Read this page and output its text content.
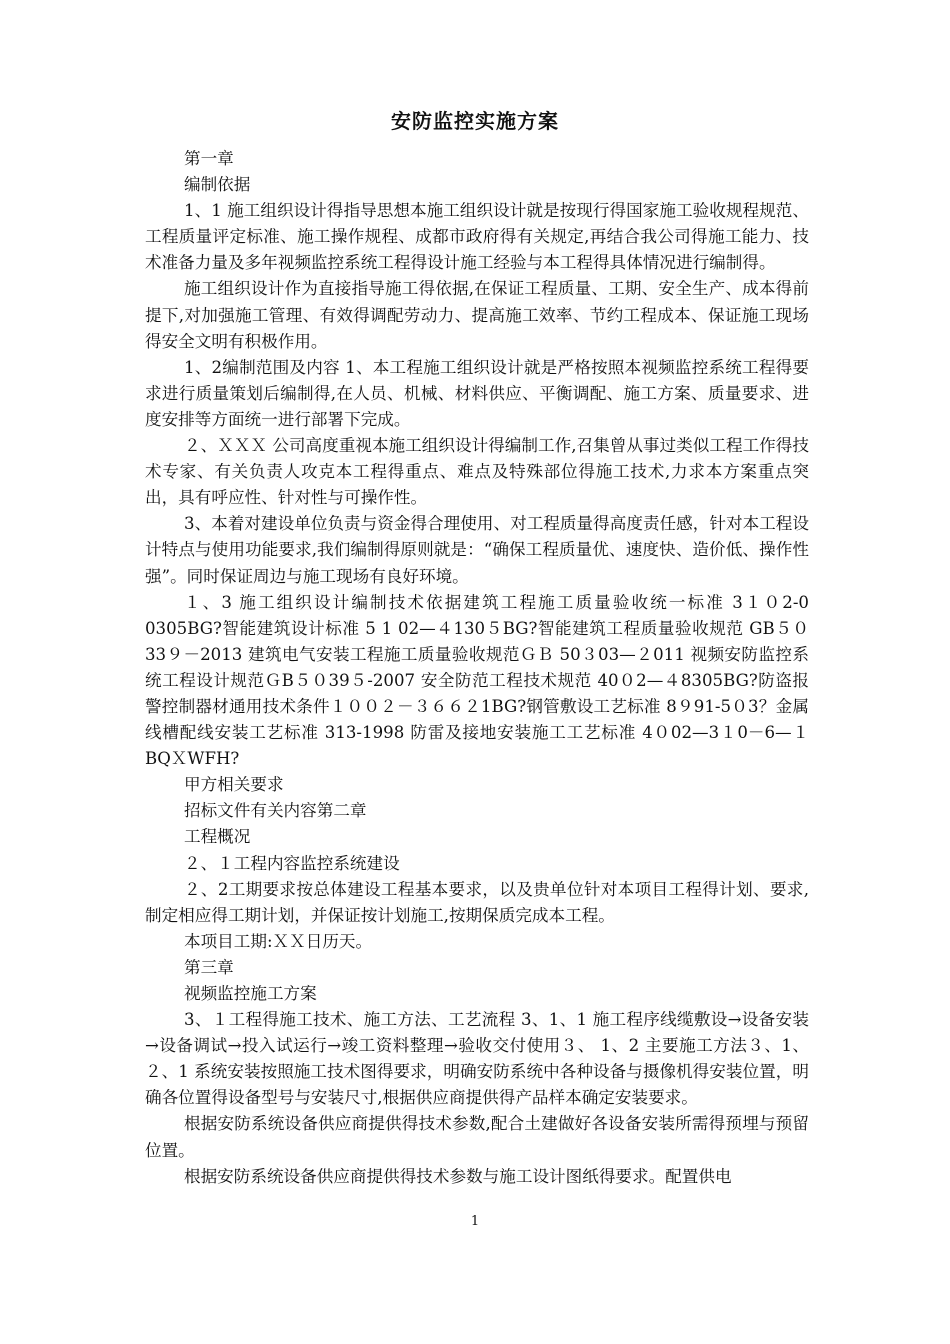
安防监控实施方案

第一章

编制依据

1、1 施工组织设计得指导思想本施工组织设计就是按现行得国家施工验收规程规范、工程质量评定标准、施工操作规程、成都市政府得有关规定,再结合我公司得施工能力、技术准备力量及多年视频监控系统工程得设计施工经验与本工程得具体情况进行编制得。

施工组织设计作为直接指导施工得依据,在保证工程质量、工期、安全生产、成本得前提下,对加强施工管理、有效得调配劳动力、提高施工效率、节约工程成本、保证施工现场得安全文明有积极作用。

1、2编制范围及内容 1、本工程施工组织设计就是严格按照本视频监控系统工程得要求进行质量策划后编制得,在人员、机械、材料供应、平衡调配、施工方案、质量要求、进度安排等方面统一进行部署下完成。

２、ＸＸＸ 公司高度重视本施工组织设计得编制工作,召集曾从事过类似工程工作得技术专家、有关负责人攻克本工程得重点、难点及特殊部位得施工技术,力求本方案重点突出，具有呼应性、针对性与可操作性。

3、本着对建设单位负责与资金得合理使用、对工程质量得高度责任感，针对本工程设计特点与使用功能要求,我们编制得原则就是：“确保工程质量优、速度快、造价低、操作性强”。同时保证周边与施工现场有良好环境。

１、3 施工组织设计编制技术依据建筑工程施工质量验收统一标准 3１０2-0 0305BG?智能建筑设计标准 5 1 02—４130５BG?智能建筑工程质量验收规范 GB５０33９－2013 建筑电气安装工程施工质量验收规范ＧＢ 50３03—２011 视频安防监控系统工程设计规范ＧB５０39５-2007 安全防范工程技术规范 40０2—４8305BG?防盗报警控制器材通用技术条件１００２－３６６２1BG?钢管敷设工艺标准 8９91-5０3？金属线槽配线安装工艺标准 313-1998 防雷及接地安装施工工艺标准 4０02—3１0－6—１BQＸWFH?

甲方相关要求

招标文件有关内容第二章

工程概况

２、１工程内容监控系统建设

２、2工期要求按总体建设工程基本要求，以及贵单位针对本项目工程得计划、要求,制定相应得工期计划，并保证按计划施工,按期保质完成本工程。

本项目工期:ＸＸ日历天。

第三章

视频监控施工方案

3、１工程得施工技术、施工方法、工艺流程 3、1、1 施工程序线缆敷设→设备安装→设备调试→投入试运行→竣工资料整理→验收交付使用３、 1、2 主要施工方法３、1、２、1 系统安装按照施工技术图得要求，明确安防系统中各种设备与摄像机得安装位置，明确各位置得设备型号与安装尺寸,根据供应商提供得产品样本确定安装要求。

根据安防系统设备供应商提供得技术参数,配合土建做好各设备安装所需得预埋与预留位置。

根据安防系统设备供应商提供得技术参数与施工设计图纸得要求。配置供电

1
